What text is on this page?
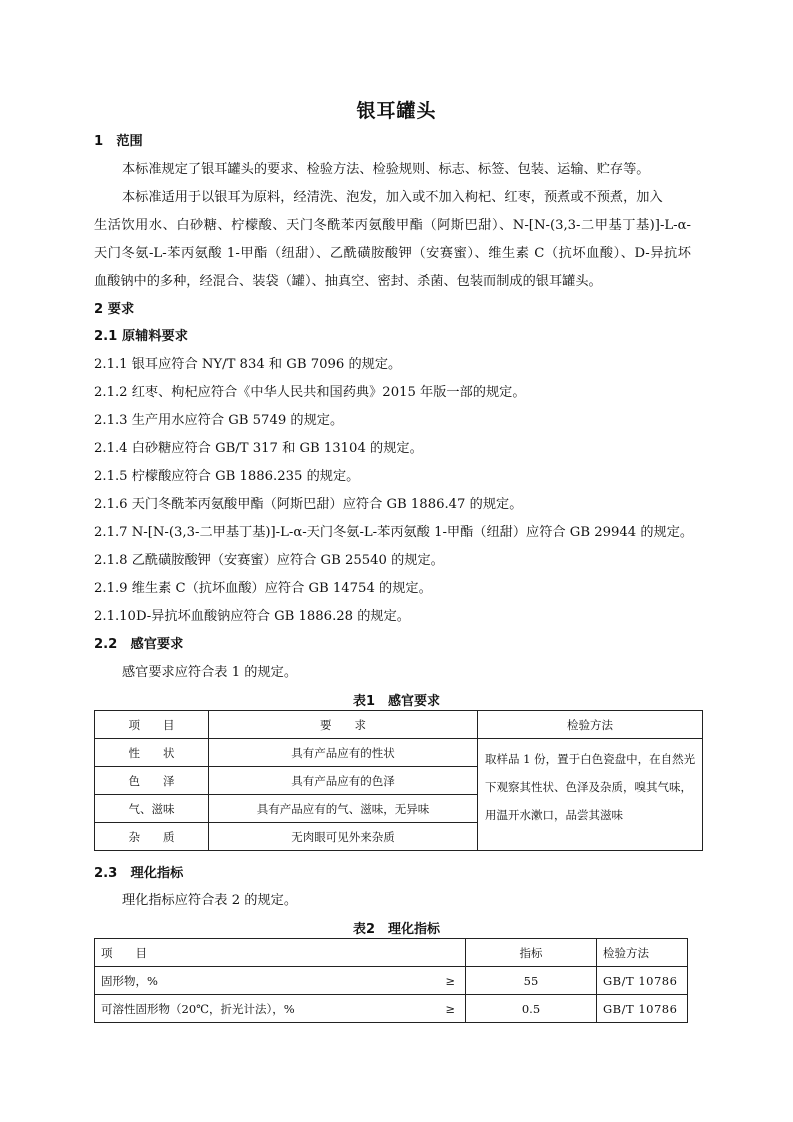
银耳罐头
1　范围
本标准规定了银耳罐头的要求、检验方法、检验规则、标志、标签、包装、运输、贮存等。
本标准适用于以银耳为原料，经清洗、泡发，加入或不加入枸杞、红枣，预煮或不预煮，加入
生活饮用水、白砂糖、柠檬酸、天门冬酰苯丙氨酸甲酯（阿斯巴甜）、N-[N-(3,3-二甲基丁基)]-L-α-
天门冬氨-L-苯丙氨酸 1-甲酯（纽甜）、乙酰磺胺酸钾（安赛蜜）、维生素 C（抗坏血酸）、D-异抗坏
血酸钠中的多种，经混合、装袋（罐）、抽真空、密封、杀菌、包装而制成的银耳罐头。
2 要求
2.1 原辅料要求
2.1.1 银耳应符合 NY/T 834 和 GB 7096 的规定。
2.1.2 红枣、枸杞应符合《中华人民共和国药典》2015 年版一部的规定。
2.1.3 生产用水应符合 GB 5749 的规定。
2.1.4 白砂糖应符合 GB/T 317 和 GB 13104 的规定。
2.1.5 柠檬酸应符合 GB 1886.235 的规定。
2.1.6 天门冬酰苯丙氨酸甲酯（阿斯巴甜）应符合 GB 1886.47 的规定。
2.1.7 N-[N-(3,3-二甲基丁基)]-L-α-天门冬氨-L-苯丙氨酸 1-甲酯（纽甜）应符合 GB 29944 的规定。
2.1.8 乙酰磺胺酸钾（安赛蜜）应符合 GB 25540 的规定。
2.1.9 维生素 C（抗坏血酸）应符合 GB 14754 的规定。
2.1.10D-异抗坏血酸钠应符合 GB 1886.28 的规定。
2.2　感官要求
感官要求应符合表 1 的规定。
表1　感官要求
项　　目	要　　求	检验方法
性　　状	具有产品应有的性状	取样品 1 份，置于白色瓷盘中，在自然光下观察其性状、色泽及杂质，嗅其气味，用温开水漱口，品尝其滋味
色　　泽	具有产品应有的色泽	
气、滋味	具有产品应有的气、滋味，无异味	
杂　　质	无肉眼可见外来杂质	
2.3　理化指标
理化指标应符合表 2 的规定。
表2　理化指标
项　　目		指标	检验方法
固形物，%	≥	55	GB/T 10786
可溶性固形物（20℃，折光计法），%	≥	0.5	GB/T 10786
